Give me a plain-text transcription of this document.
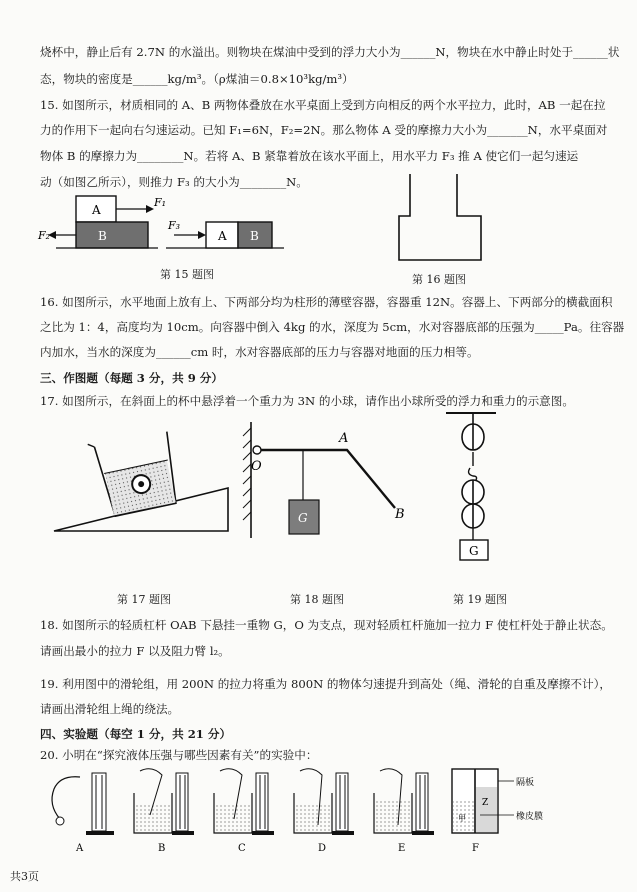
烧杯中，静止后有 2.7N 的水溢出。则物块在煤油中受到的浮力大小为______N，物块在水中静止时处于______状
态，物块的密度是______kg/m³。（ρ煤油＝0.8×10³kg/m³）
15. 如图所示，材质相同的 A、B 两物体叠放在水平桌面上受到方向相反的两个水平拉力，此时，AB 一起在拉
力的作用下一起向右匀速运动。已知 F₁=6N，F₂=2N。那么物体 A 受的摩擦力大小为_______N，水平桌面对
物体 B 的摩擦力为________N。若将 A、B 紧靠着放在该水平面上，用水平力 F₃ 推 A 使它们一起匀速运
动（如图乙所示），则推力 F₃ 的大小为________N。
A
B
F₁
F₂	A B
F₃
第 15 题图	第 16 题图
16. 如图所示，水平地面上放有上、下两部分均为柱形的薄壁容器，容器重 12N。容器上、下两部分的横截面积
之比为 1：4，高度均为 10cm。向容器中倒入 4kg 的水，深度为 5cm，水对容器底部的压强为_____Pa。往容器
内加水，当水的深度为______cm 时，水对容器底部的压力与容器对地面的压力相等。
三、作图题（每题 3 分，共 9 分）
17. 如图所示，在斜面上的杯中悬浮着一个重力为 3N 的小球，请作出小球所受的浮力和重力的示意图。
第 17 题图
O
A
B
G
第 18 题图
G
第 19 题图
18. 如图所示的轻质杠杆 OAB 下悬挂一重物 G，O 为支点，现对轻质杠杆施加一拉力 F 使杠杆处于静止状态。
请画出最小的拉力 F 以及阻力臂 l₂。
19. 利用图中的滑轮组，用 200N 的拉力将重为 800N 的物体匀速提升到高处（绳、滑轮的自重及摩擦不计），
请画出滑轮组上绳的绕法。
四、实验题（每空 1 分，共 21 分）
20. 小明在“探究液体压强与哪些因素有关”的实验中：
A	B	C	D	E
Z
甲
隔板
橡皮膜
F
共3页
